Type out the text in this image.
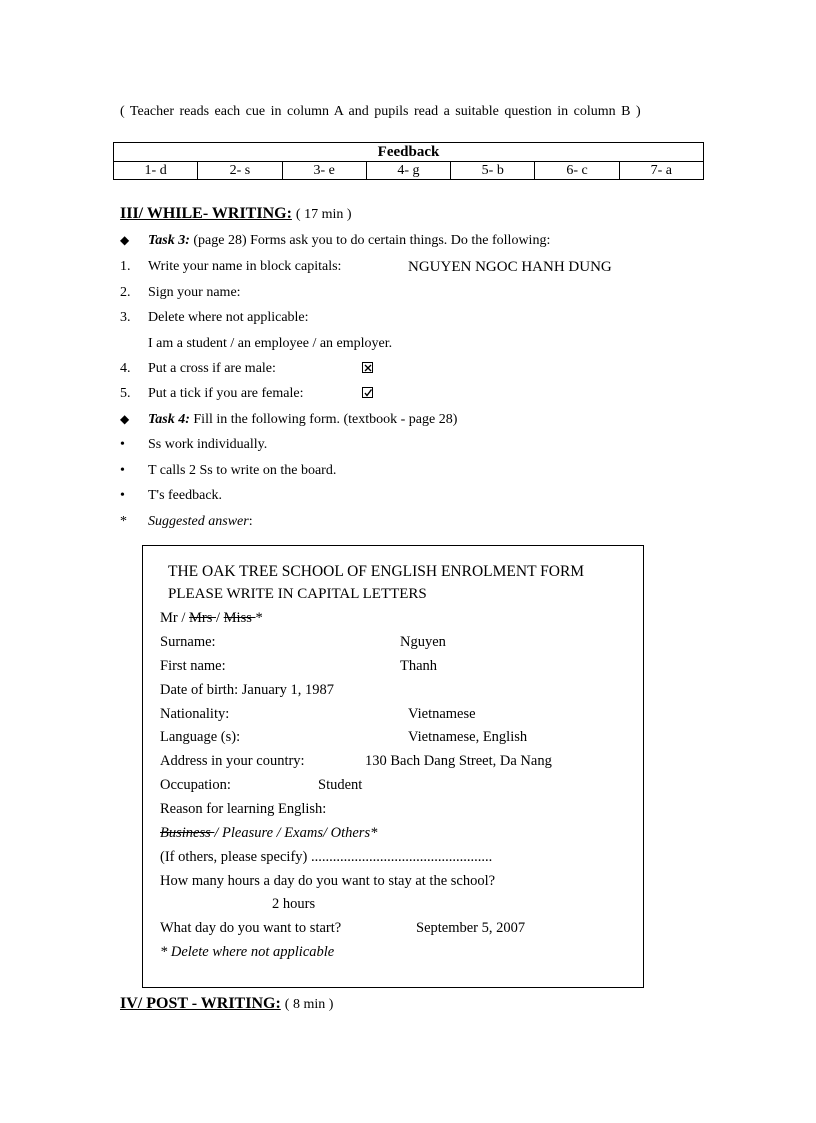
( Teacher reads each cue in column A and pupils read a suitable question in column B )
Feedback
1- d	2- s	3- e	4- g	5- b	6- c	7- a
III/ WHILE- WRITING: ( 17 min )
◆	Task 3: (page 28) Forms ask you to do certain things. Do the following:
1.	Write your name in block capitals:	NGUYEN NGOC HANH DUNG
2.	Sign your name:
3.	Delete where not applicable:
I am a student / an employee / an employer.
4.	Put a cross if are male:
5.	Put a tick if you are female:
◆	Task 4: Fill in the following form. (textbook - page 28)
•	Ss work individually.
•	T calls 2 Ss to write on the board.
•	T's feedback.
*	Suggested answer:
THE OAK TREE SCHOOL OF ENGLISH ENROLMENT FORM
PLEASE WRITE IN CAPITAL LETTERS
Mr / Mrs / Miss *
Surname:	Nguyen
First name:	Thanh
Date of birth: January 1, 1987
Nationality:	Vietnamese
Language (s):	Vietnamese, English
Address in your country:	130 Bach Dang Street, Da Nang
Occupation:	Student
Reason for learning English:
Business / Pleasure / Exams/ Others*
(If others, please specify) ..................................................
How many hours a day do you want to stay at the school?
2 hours
What day do you want to start?	September 5, 2007
* Delete where not applicable
IV/ POST - WRITING: ( 8 min )
